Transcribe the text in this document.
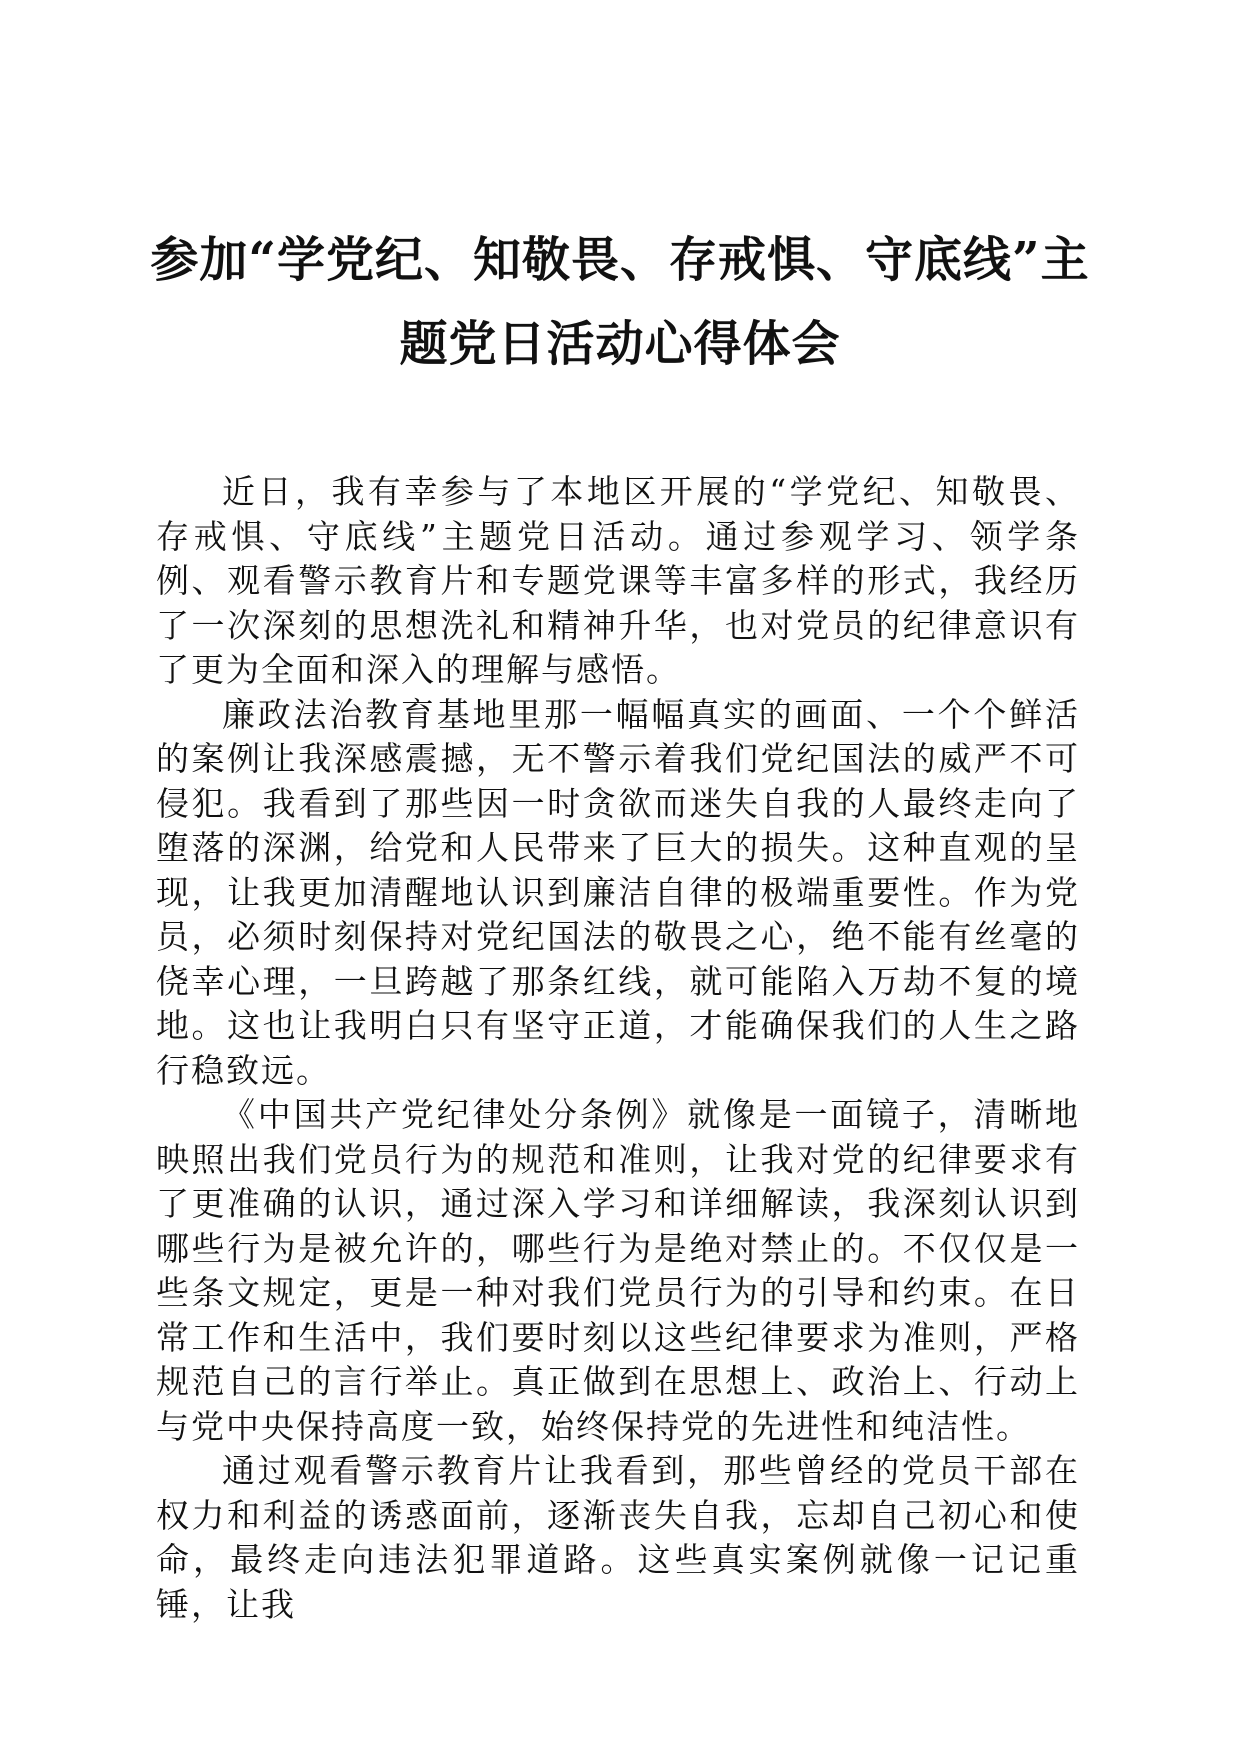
参加“学党纪、知敬畏、存戒惧、守底线”主
题党日活动心得体会

近日，我有幸参与了本地区开展的“学党纪、知敬畏、存戒惧、守底线”主题党日活动。通过参观学习、领学条例、观看警示教育片和专题党课等丰富多样的形式，我经历了一次深刻的思想洗礼和精神升华，也对党员的纪律意识有了更为全面和深入的理解与感悟。

廉政法治教育基地里那一幅幅真实的画面、一个个鲜活的案例让我深感震撼，无不警示着我们党纪国法的威严不可侵犯。我看到了那些因一时贪欲而迷失自我的人最终走向了堕落的深渊，给党和人民带来了巨大的损失。这种直观的呈现，让我更加清醒地认识到廉洁自律的极端重要性。作为党员，必须时刻保持对党纪国法的敬畏之心，绝不能有丝毫的侥幸心理，一旦跨越了那条红线，就可能陷入万劫不复的境地。这也让我明白只有坚守正道，才能确保我们的人生之路行稳致远。

《中国共产党纪律处分条例》就像是一面镜子，清晰地映照出我们党员行为的规范和准则，让我对党的纪律要求有了更准确的认识，通过深入学习和详细解读，我深刻认识到哪些行为是被允许的，哪些行为是绝对禁止的。不仅仅是一些条文规定，更是一种对我们党员行为的引导和约束。在日常工作和生活中，我们要时刻以这些纪律要求为准则，严格规范自己的言行举止。真正做到在思想上、政治上、行动上与党中央保持高度一致，始终保持党的先进性和纯洁性。

通过观看警示教育片让我看到，那些曾经的党员干部在权力和利益的诱惑面前，逐渐丧失自我，忘却自己初心和使命，最终走向违法犯罪道路。这些真实案例就像一记记重锤，让我
